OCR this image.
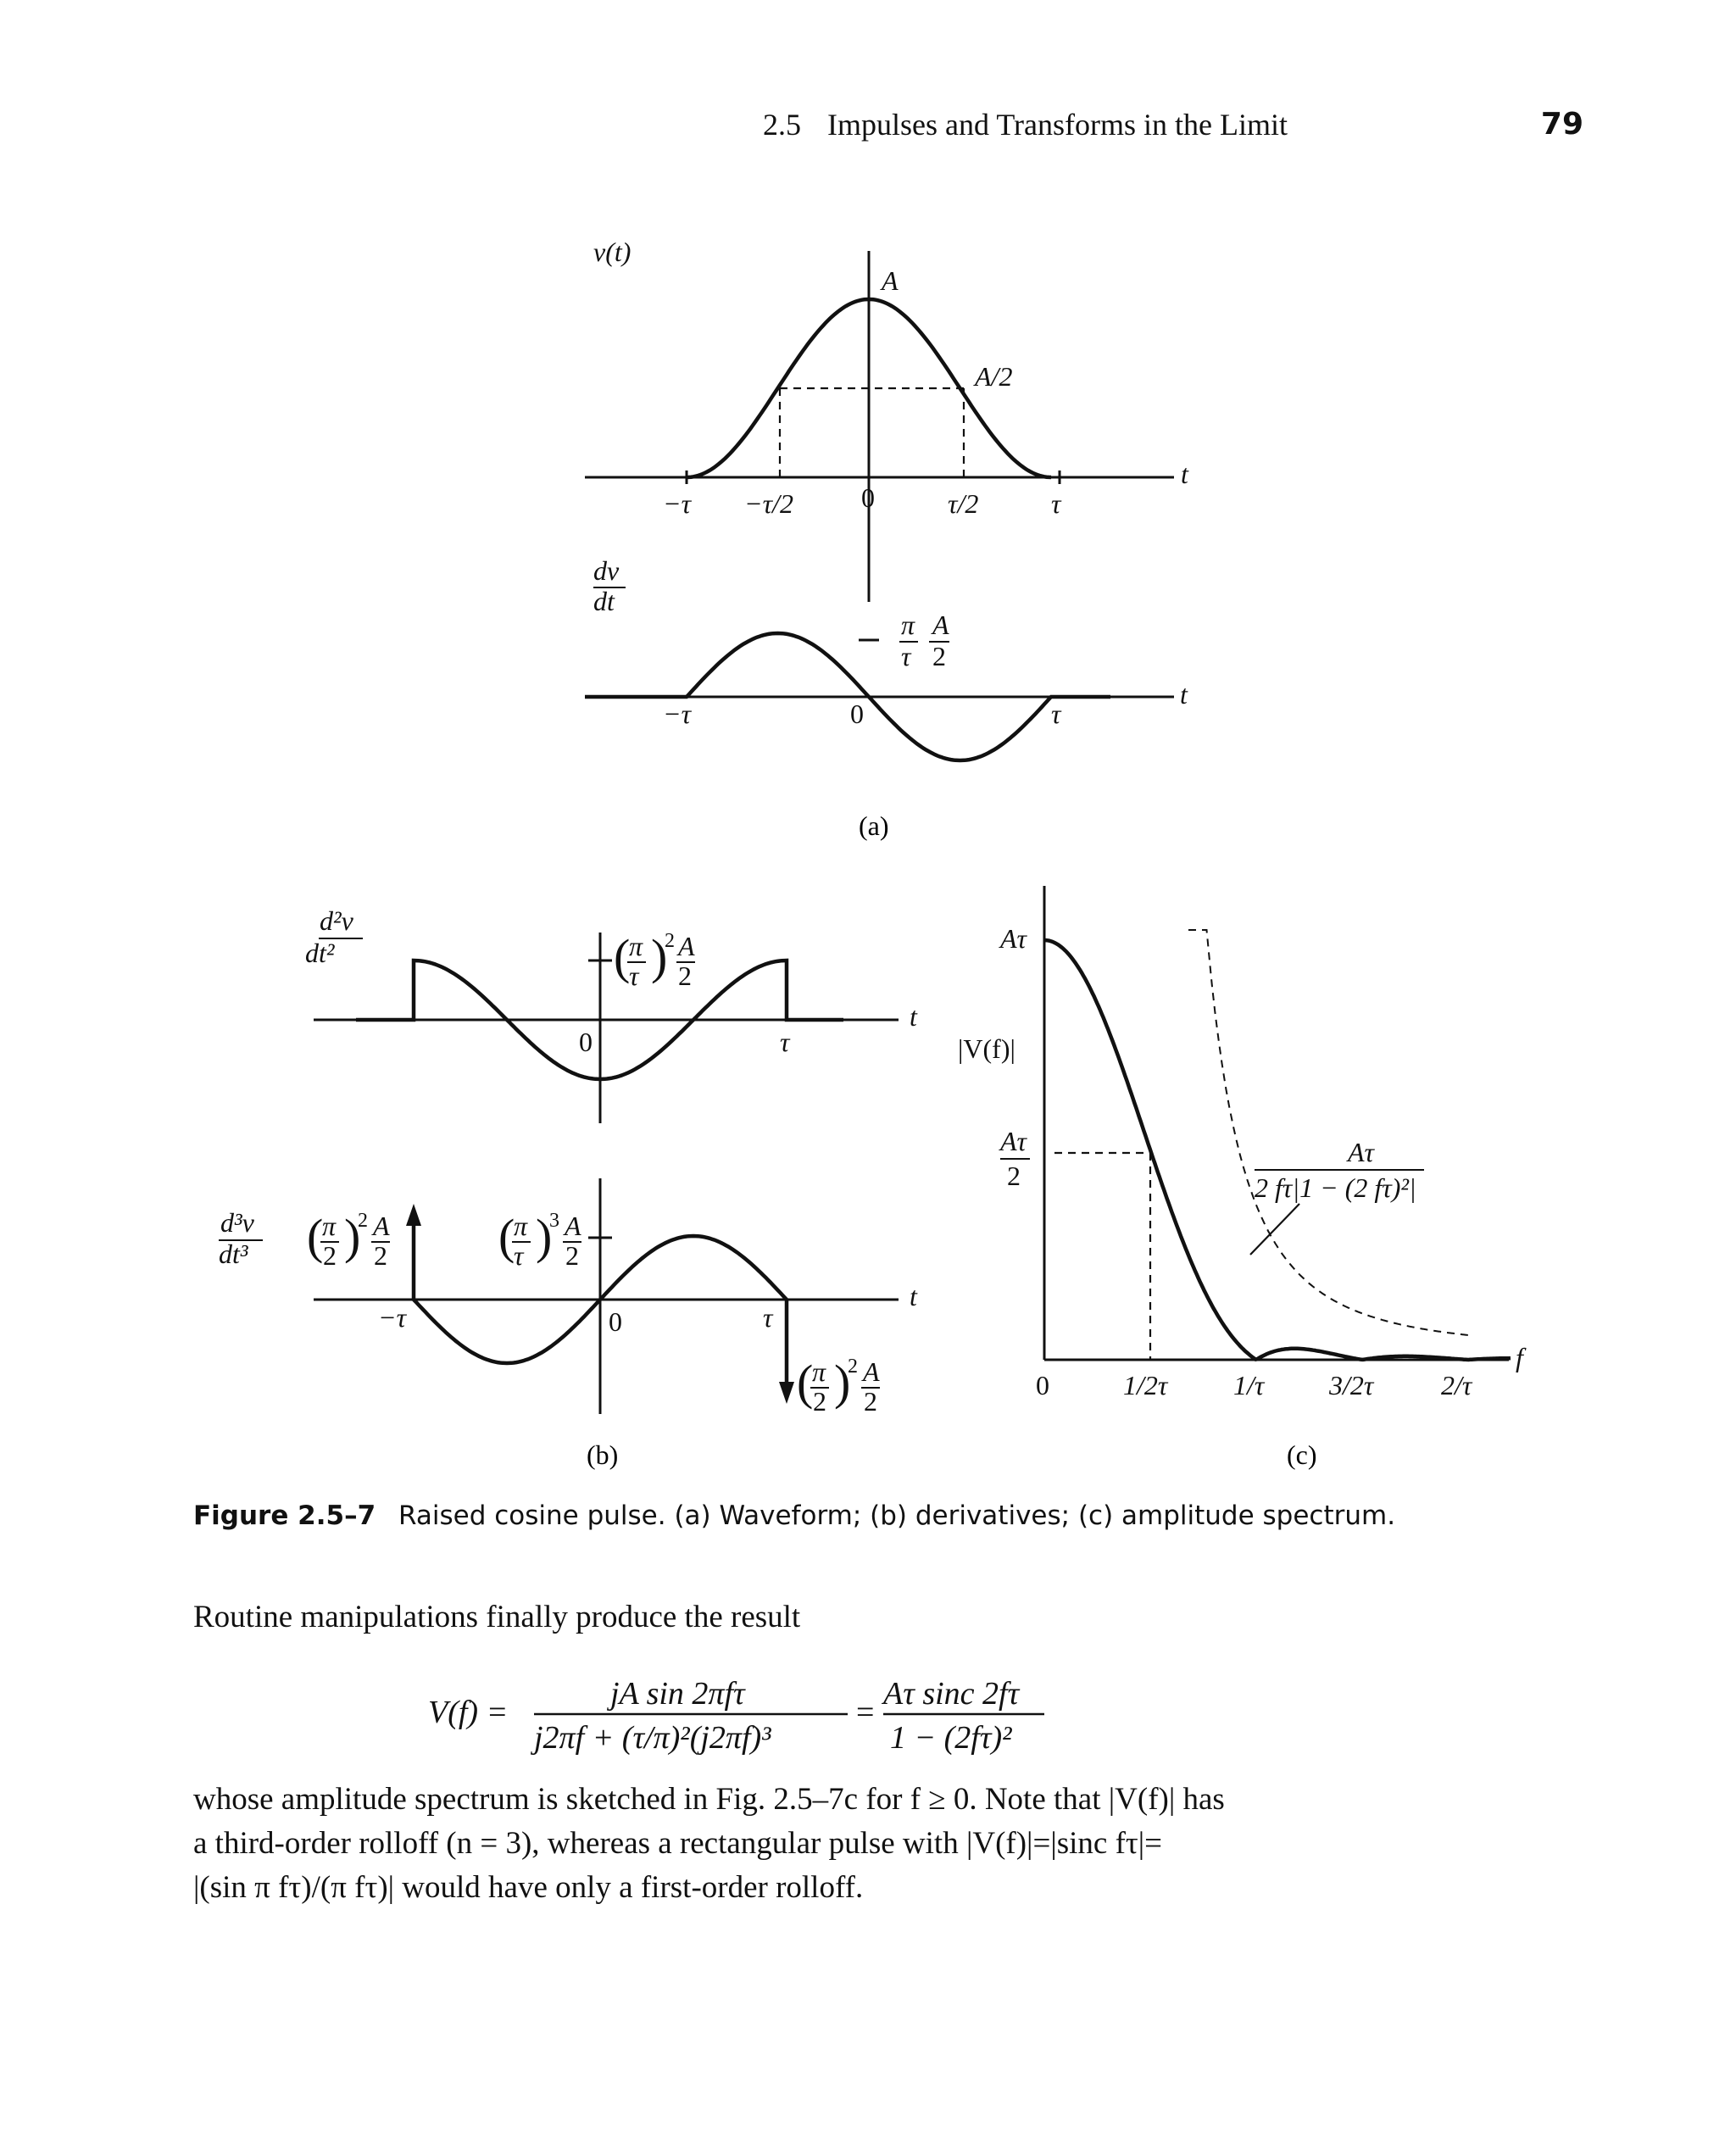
2.5 Impulses and Transforms in the Limit	79
v(t)
A
A/2
t
t
−τ −τ/2	0	τ/2	τ
dv
dt
π
τ
A
2
−τ	0	τ
(a)
d²v
dt²	(
π
τ )
2 A
2
0	τ
t
d³v
dt³ (
π
2 )
2 A
2 (
π
τ )
3 A
2
−τ	0	τ
t
(
π
2 )
2 A
2
(b)
Aτ
|V(f)|
Aτ
2
Aτ
2 fτ|1 − (2 fτ)²|
f
0	1/2τ 1/τ 3/2τ 2/τ
(c)
Figure 2.5–7 Raised cosine pulse. (a) Waveform; (b) derivatives; (c) amplitude spectrum.
Routine manipulations finally produce the result
V(f) =
jA sin 2πfτ
j2πf + (τ/π)²(j2πf)³
=
Aτ sinc 2fτ
1 − (2fτ)²
whose amplitude spectrum is sketched in Fig. 2.5–7c for f ≥ 0. Note that |V(f)| has
a third-order rolloff (n = 3), whereas a rectangular pulse with |V(f)|=|sinc fτ|=
|(sin π fτ)/(π fτ)| would have only a first-order rolloff.
